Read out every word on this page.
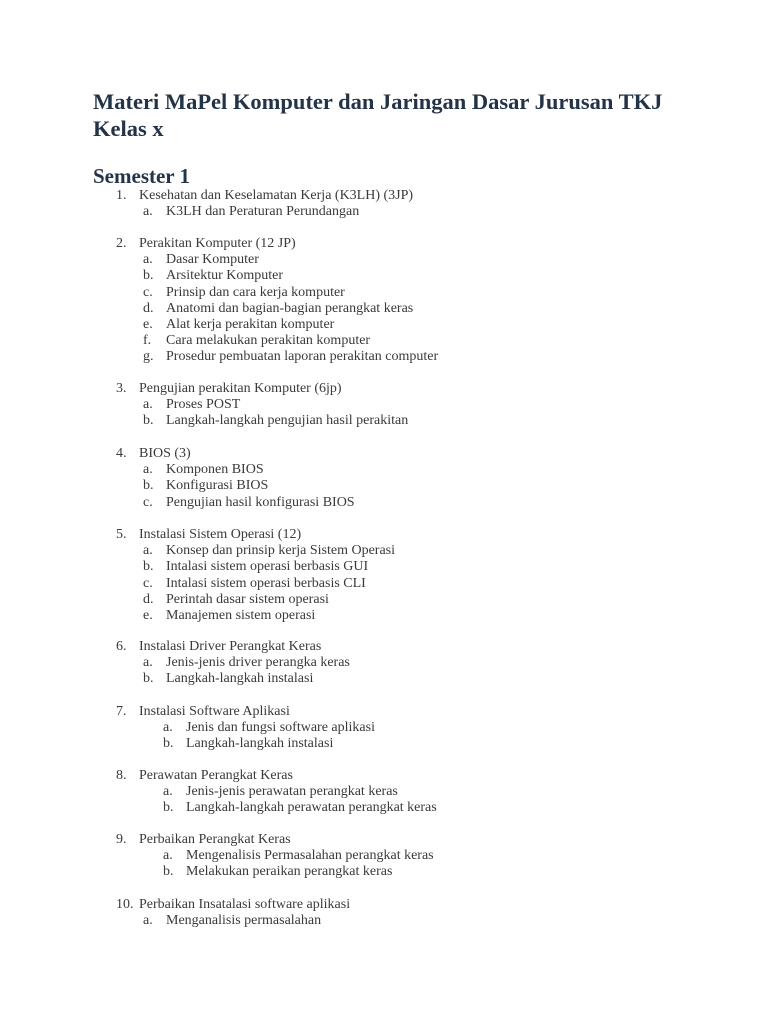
Materi MaPel Komputer dan Jaringan Dasar Jurusan TKJ Kelas x
Semester 1
1. Kesehatan dan Keselamatan Kerja (K3LH) (3JP)
a. K3LH dan Peraturan Perundangan
2. Perakitan Komputer (12 JP)
a. Dasar Komputer
b. Arsitektur Komputer
c. Prinsip dan cara kerja komputer
d. Anatomi dan bagian-bagian perangkat keras
e. Alat kerja perakitan komputer
f. Cara melakukan perakitan komputer
g. Prosedur pembuatan laporan perakitan computer
3. Pengujian perakitan Komputer (6jp)
a. Proses POST
b. Langkah-langkah pengujian hasil perakitan
4. BIOS (3)
a. Komponen BIOS
b. Konfigurasi BIOS
c. Pengujian hasil konfigurasi BIOS
5. Instalasi Sistem Operasi (12)
a. Konsep dan prinsip kerja Sistem Operasi
b. Intalasi sistem operasi berbasis GUI
c. Intalasi sistem operasi berbasis CLI
d. Perintah dasar sistem operasi
e. Manajemen sistem operasi
6. Instalasi Driver Perangkat Keras
a. Jenis-jenis driver perangka keras
b. Langkah-langkah instalasi
7. Instalasi Software Aplikasi
a. Jenis dan fungsi software aplikasi
b. Langkah-langkah instalasi
8. Perawatan Perangkat Keras
a. Jenis-jenis perawatan perangkat keras
b. Langkah-langkah perawatan perangkat keras
9. Perbaikan Perangkat Keras
a. Mengenalisis Permasalahan perangkat keras
b. Melakukan peraikan perangkat keras
10. Perbaikan Insatalasi software aplikasi
a. Menganalisis permasalahan
